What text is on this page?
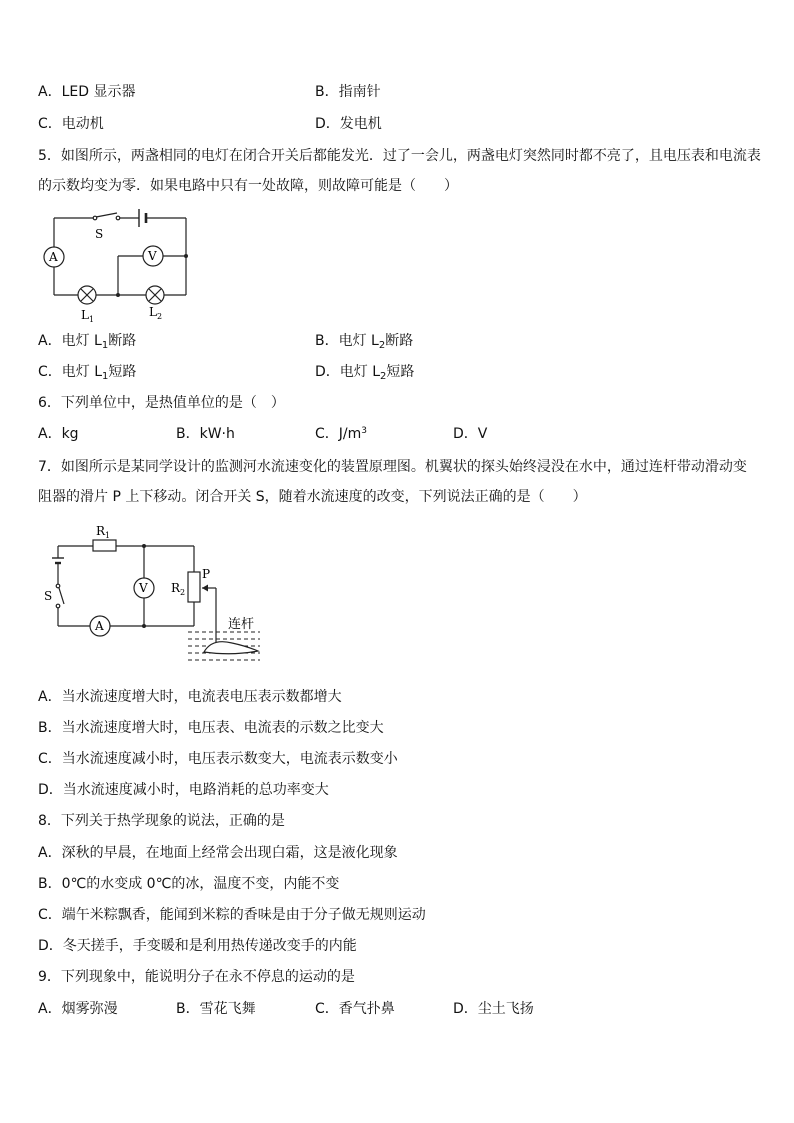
A．LED 显示器	B．指南针
C．电动机	D．发电机
5．如图所示，两盏相同的电灯在闭合开关后都能发光．过了一会儿，两盏电灯突然同时都不亮了，且电压表和电流表
的示数均变为零．如果电路中只有一处故障，则故障可能是（　　）
S
A	V
$L_1$
$L_2$
A．电灯 $L_1$断路	B．电灯 $L_2$断路
C．电灯 $L_1$短路	D．电灯 $L_2$短路
6．下列单位中，是热值单位的是（　）
A．kg	B．kW·h	C．$J/m^3$	D．V
7．如图所示是某同学设计的监测河水流速变化的装置原理图。机翼状的探头始终浸没在水中，通过连杆带动滑动变
阻器的滑片 P 上下移动。闭合开关 S，随着水流速度的改变，下列说法正确的是（　　）
$R_1$
$R_2$
P
S
A
V
连杆
A．当水流速度增大时，电流表电压表示数都增大
B．当水流速度增大时，电压表、电流表的示数之比变大
C．当水流速度减小时，电压表示数变大，电流表示数变小
D．当水流速度减小时，电路消耗的总功率变大
8．下列关于热学现象的说法，正确的是
A．深秋的早晨，在地面上经常会出现白霜，这是液化现象
B．0℃的水变成 0℃的冰，温度不变，内能不变
C．端午米粽飘香，能闻到米粽的香味是由于分子做无规则运动
D．冬天搓手，手变暖和是利用热传递改变手的内能
9．下列现象中，能说明分子在永不停息的运动的是
A．烟雾弥漫	B．雪花飞舞	C．香气扑鼻	D．尘土飞扬
